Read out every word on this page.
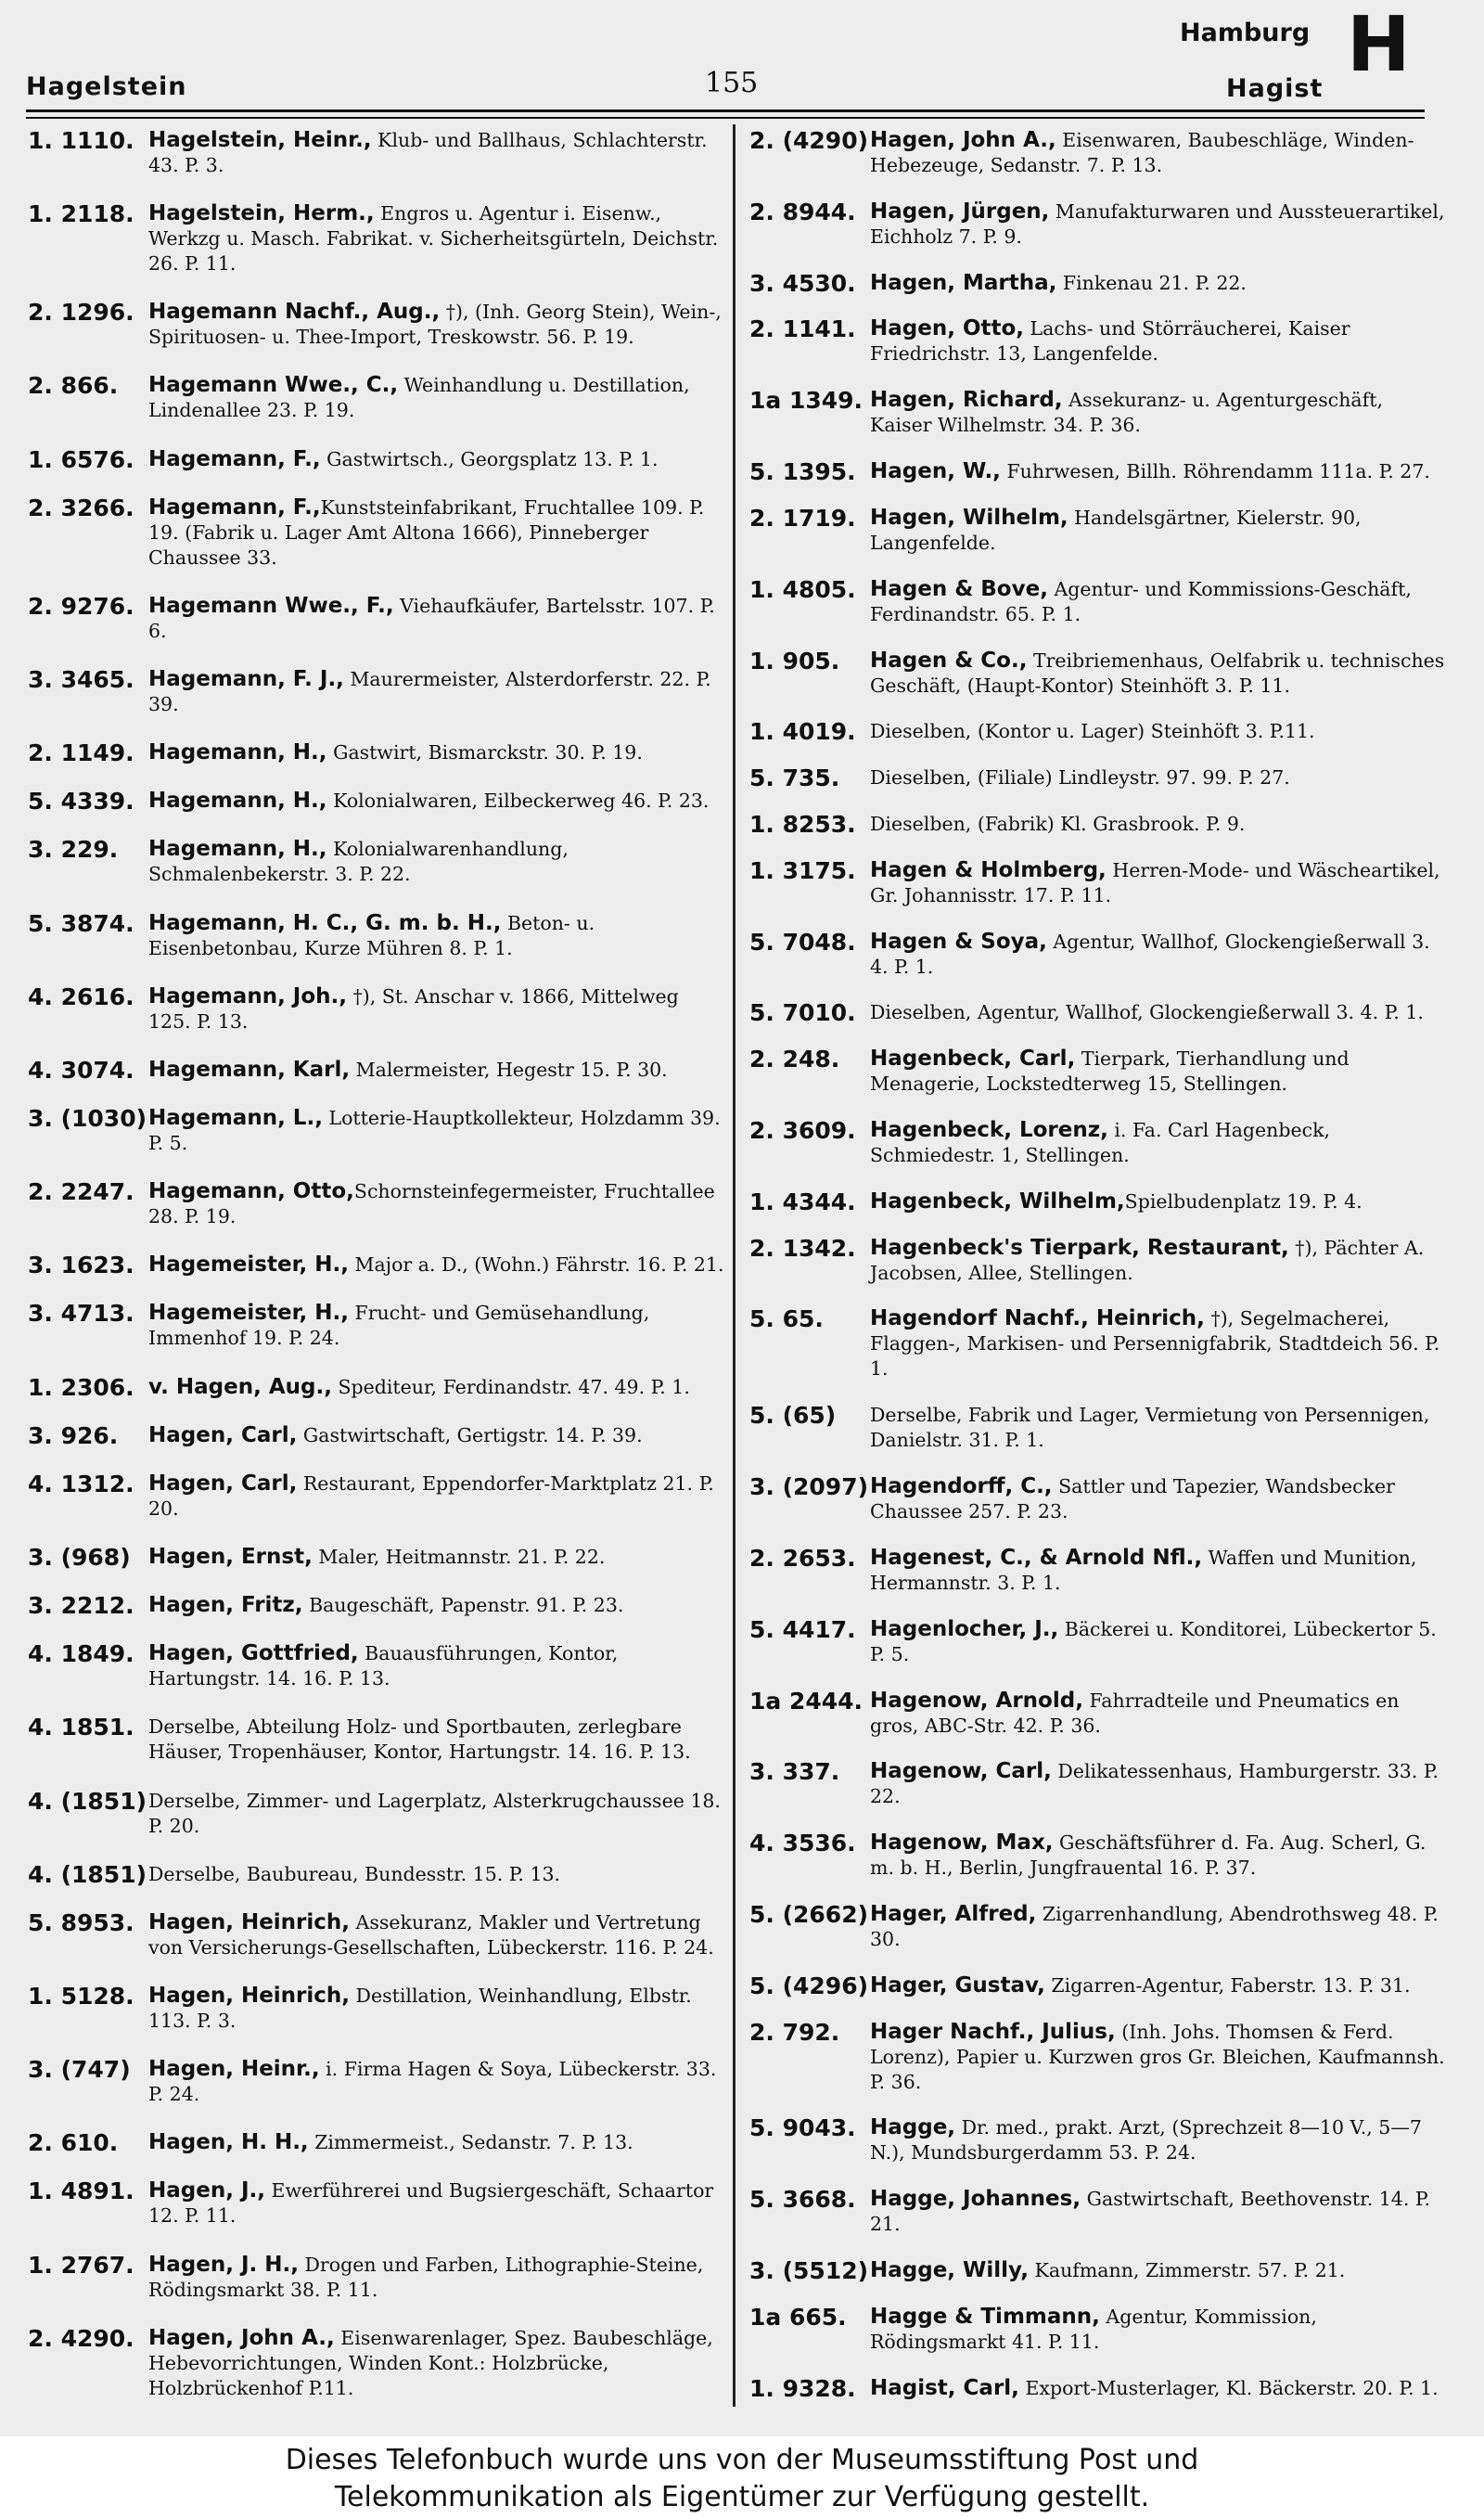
Hagelstein	155
Hamburg
Hagist H
1. 1110. Hagelstein, Heinr., Klub- und Ballhaus, Schlachterstr. 43. P. 3.
1. 2118. Hagelstein, Herm., Engros u. Agentur i. Eisenw., Werkzg u. Masch. Fabrikat. v. Sicherheitsgürteln, Deichstr. 26. P. 11.
2. 1296. Hagemann Nachf., Aug., †), (Inh. Georg Stein), Wein-, Spirituosen- u. Thee-Import, Treskowstr. 56. P. 19.
2. 866.	Hagemann Wwe., C., Weinhandlung u. Destillation, Lindenallee 23. P. 19.
1. 6576. Hagemann, F., Gastwirtsch., Georgsplatz 13. P. 1.
2. 3266. Hagemann, F.,Kunststeinfabrikant, Fruchtallee 109. P. 19. (Fabrik u. Lager Amt Altona 1666), Pinneberger Chaussee 33.
2. 9276. Hagemann Wwe., F., Viehaufkäufer, Bartelsstr. 107. P. 6.
3. 3465. Hagemann, F. J., Maurermeister, Alsterdorferstr. 22. P. 39.
2. 1149. Hagemann, H., Gastwirt, Bismarckstr. 30. P. 19.
5. 4339. Hagemann, H., Kolonialwaren, Eilbeckerweg 46. P. 23.
3. 229.	Hagemann, H., Kolonialwarenhandlung, Schmalenbekerstr. 3. P. 22.
5. 3874. Hagemann, H. C., G. m. b. H., Beton- u. Eisenbetonbau, Kurze Mühren 8. P. 1.
4. 2616. Hagemann, Joh., †), St. Anschar v. 1866, Mittelweg 125. P. 13.
4. 3074. Hagemann, Karl, Malermeister, Hegestr 15. P. 30.
3. (1030) Hagemann, L., Lotterie-Hauptkollekteur, Holzdamm 39. P. 5.
2. 2247. Hagemann, Otto,Schornsteinfegermeister, Fruchtallee 28. P. 19.
3. 1623. Hagemeister, H., Major a. D., (Wohn.) Fährstr. 16. P. 21.
3. 4713. Hagemeister, H., Frucht- und Gemüsehandlung, Immenhof 19. P. 24.
1. 2306. v. Hagen, Aug., Spediteur, Ferdinandstr. 47. 49. P. 1.
3. 926.	Hagen, Carl, Gastwirtschaft, Gertigstr. 14. P. 39.
4. 1312. Hagen, Carl, Restaurant, Eppendorfer-Marktplatz 21. P. 20.
3. (968) Hagen, Ernst, Maler, Heitmannstr. 21. P. 22.
3. 2212. Hagen, Fritz, Baugeschäft, Papenstr. 91. P. 23.
4. 1849. Hagen, Gottfried, Bauausführungen, Kontor, Hartungstr. 14. 16. P. 13.
4. 1851. Derselbe, Abteilung Holz- und Sportbauten, zerlegbare Häuser, Tropenhäuser, Kontor, Hartungstr. 14. 16. P. 13.
4. (1851) Derselbe, Zimmer- und Lagerplatz, Alsterkrugchaussee 18. P. 20.
4. (1851) Derselbe, Baubureau, Bundesstr. 15. P. 13.
5. 8953. Hagen, Heinrich, Assekuranz, Makler und Vertretung von Versicherungs-Gesellschaften, Lübeckerstr. 116. P. 24.
1. 5128. Hagen, Heinrich, Destillation, Weinhandlung, Elbstr. 113. P. 3.
3. (747) Hagen, Heinr., i. Firma Hagen & Soya, Lübeckerstr. 33. P. 24.
2. 610.	Hagen, H. H., Zimmermeist., Sedanstr. 7. P. 13.
1. 4891. Hagen, J., Ewerführerei und Bugsiergeschäft, Schaartor 12. P. 11.
1. 2767. Hagen, J. H., Drogen und Farben, Lithographie-Steine, Rödingsmarkt 38. P. 11.
2. 4290. Hagen, John A., Eisenwarenlager, Spez. Baubeschläge, Hebevorrichtungen, Winden Kont.: Holzbrücke, Holzbrückenhof P.11.
2. (4290) Hagen, John A., Eisenwaren, Baubeschläge, Winden-Hebezeuge, Sedanstr. 7. P. 13.
2. 8944. Hagen, Jürgen, Manufakturwaren und Aussteuerartikel, Eichholz 7. P. 9.
3. 4530. Hagen, Martha, Finkenau 21. P. 22.
2. 1141. Hagen, Otto, Lachs- und Störräucherei, Kaiser Friedrichstr. 13, Langenfelde.
1a 1349. Hagen, Richard, Assekuranz- u. Agenturgeschäft, Kaiser Wilhelmstr. 34. P. 36.
5. 1395. Hagen, W., Fuhrwesen, Billh. Röhrendamm 111a. P. 27.
2. 1719. Hagen, Wilhelm, Handelsgärtner, Kielerstr. 90, Langenfelde.
1. 4805. Hagen & Bove, Agentur- und Kommissions-Geschäft, Ferdinandstr. 65. P. 1.
1. 905.	Hagen & Co., Treibriemenhaus, Oelfabrik u. technisches Geschäft, (Haupt-Kontor) Steinhöft 3. P. 11.
1. 4019. Dieselben, (Kontor u. Lager) Steinhöft 3. P.11.
5. 735.	Dieselben, (Filiale) Lindleystr. 97. 99. P. 27.
1. 8253. Dieselben, (Fabrik) Kl. Grasbrook. P. 9.
1. 3175. Hagen & Holmberg, Herren-Mode- und Wäscheartikel, Gr. Johannisstr. 17. P. 11.
5. 7048. Hagen & Soya, Agentur, Wallhof, Glockengießerwall 3. 4. P. 1.
5. 7010. Dieselben, Agentur, Wallhof, Glockengießerwall 3. 4. P. 1.
2. 248.	Hagenbeck, Carl, Tierpark, Tierhandlung und Menagerie, Lockstedterweg 15, Stellingen.
2. 3609. Hagenbeck, Lorenz, i. Fa. Carl Hagenbeck, Schmiedestr. 1, Stellingen.
1. 4344. Hagenbeck, Wilhelm,Spielbudenplatz 19. P. 4.
2. 1342. Hagenbeck's Tierpark, Restaurant, †), Pächter A. Jacobsen, Allee, Stellingen.
5. 65.	Hagendorf Nachf., Heinrich, †), Segelmacherei, Flaggen-, Markisen- und Persennigfabrik, Stadtdeich 56. P. 1.
5. (65)	Derselbe, Fabrik und Lager, Vermietung von Persennigen, Danielstr. 31. P. 1.
3. (2097) Hagendorff, C., Sattler und Tapezier, Wandsbecker Chaussee 257. P. 23.
2. 2653. Hagenest, C., & Arnold Nfl., Waffen und Munition, Hermannstr. 3. P. 1.
5. 4417. Hagenlocher, J., Bäckerei u. Konditorei, Lübeckertor 5. P. 5.
1a 2444. Hagenow, Arnold, Fahrradteile und Pneumatics en gros, ABC-Str. 42. P. 36.
3. 337.	Hagenow, Carl, Delikatessenhaus, Hamburgerstr. 33. P. 22.
4. 3536. Hagenow, Max, Geschäftsführer d. Fa. Aug. Scherl, G. m. b. H., Berlin, Jungfrauental 16. P. 37.
5. (2662) Hager, Alfred, Zigarrenhandlung, Abendrothsweg 48. P. 30.
5. (4296) Hager, Gustav, Zigarren-Agentur, Faberstr. 13. P. 31.
2. 792.	Hager Nachf., Julius, (Inh. Johs. Thomsen & Ferd. Lorenz), Papier u. Kurzwen gros Gr. Bleichen, Kaufmannsh. P. 36.
5. 9043. Hagge, Dr. med., prakt. Arzt, (Sprechzeit 8—10 V., 5—7 N.), Mundsburgerdamm 53. P. 24.
5. 3668. Hagge, Johannes, Gastwirtschaft, Beethovenstr. 14. P. 21.
3. (5512) Hagge, Willy, Kaufmann, Zimmerstr. 57. P. 21.
1a 665.	Hagge & Timmann, Agentur, Kommission, Rödingsmarkt 41. P. 11.
1. 9328. Hagist, Carl, Export-Musterlager, Kl. Bäckerstr. 20. P. 1.
Dieses Telefonbuch wurde uns von der Museumsstiftung Post und
Telekommunikation als Eigentümer zur Verfügung gestellt.
